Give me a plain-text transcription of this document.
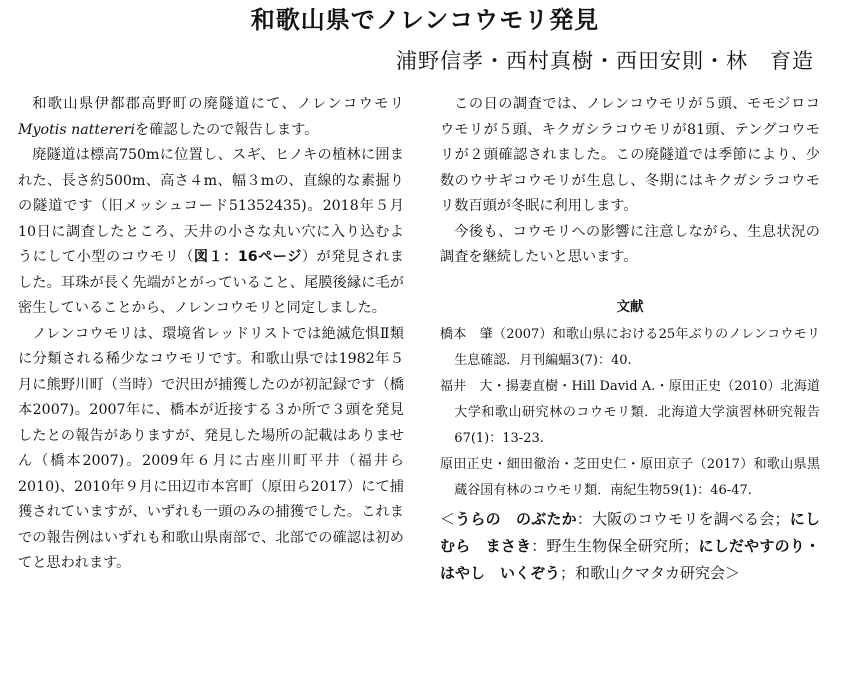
和歌山県でノレンコウモリ発見
浦野信孝・西村真樹・西田安則・林　育造

和歌山県伊都郡高野町の廃隧道にて、ノレンコウモリMyotis nattereriを確認したので報告します。

廃隧道は標高750mに位置し、スギ、ヒノキの植林に囲まれた、長さ約500m、高さ４m、幅３mの、直線的な素掘りの隧道です（旧メッシュコード51352435)。2018年５月10日に調査したところ、天井の小さな丸い穴に入り込むようにして小型のコウモリ（図１：16ページ）が発見されました。耳珠が長く先端がとがっていること、尾膜後縁に毛が密生していることから、ノレンコウモリと同定しました。

ノレンコウモリは、環境省レッドリストでは絶滅危惧Ⅱ類に分類される稀少なコウモリです。和歌山県では1982年５月に熊野川町（当時）で沢田が捕獲したのが初記録です（橋本2007)。2007年に、橋本が近接する３か所で３頭を発見したとの報告がありますが、発見した場所の記載はありません（橋本2007)。2009年６月に古座川町平井（福井ら2010)、2010年９月に田辺市本宮町（原田ら2017）にて捕獲されていますが、いずれも一頭のみの捕獲でした。これまでの報告例はいずれも和歌山県南部で、北部での確認は初めてと思われます。

この日の調査では、ノレンコウモリが５頭、モモジロコウモリが５頭、キクガシラコウモリが81頭、テングコウモリが２頭確認されました。この廃隧道では季節により、少数のウサギコウモリが生息し、冬期にはキクガシラコウモリ数百頭が冬眠に利用します。

今後も、コウモリへの影響に注意しながら、生息状況の調査を継続したいと思います。

文献
橋本　肇（2007）和歌山県における25年ぶりのノレンコウモリ生息確認．月刊編蝠3(7)：40.
福井　大・揚妻直樹・Hill David A.・原田正史（2010）北海道大学和歌山研究林のコウモリ類．北海道大学演習林研究報告67(1)：13-23.
原田正史・細田徹治・芝田史仁・原田京子（2017）和歌山県黒蔵谷国有林のコウモリ類．南紀生物59(1)：46-47.
＜うらの　のぶたか：大阪のコウモリを調べる会；にしむら　まさき：野生生物保全研究所；にしだやすのり・はやし　いくぞう；和歌山クマタカ研究会＞
